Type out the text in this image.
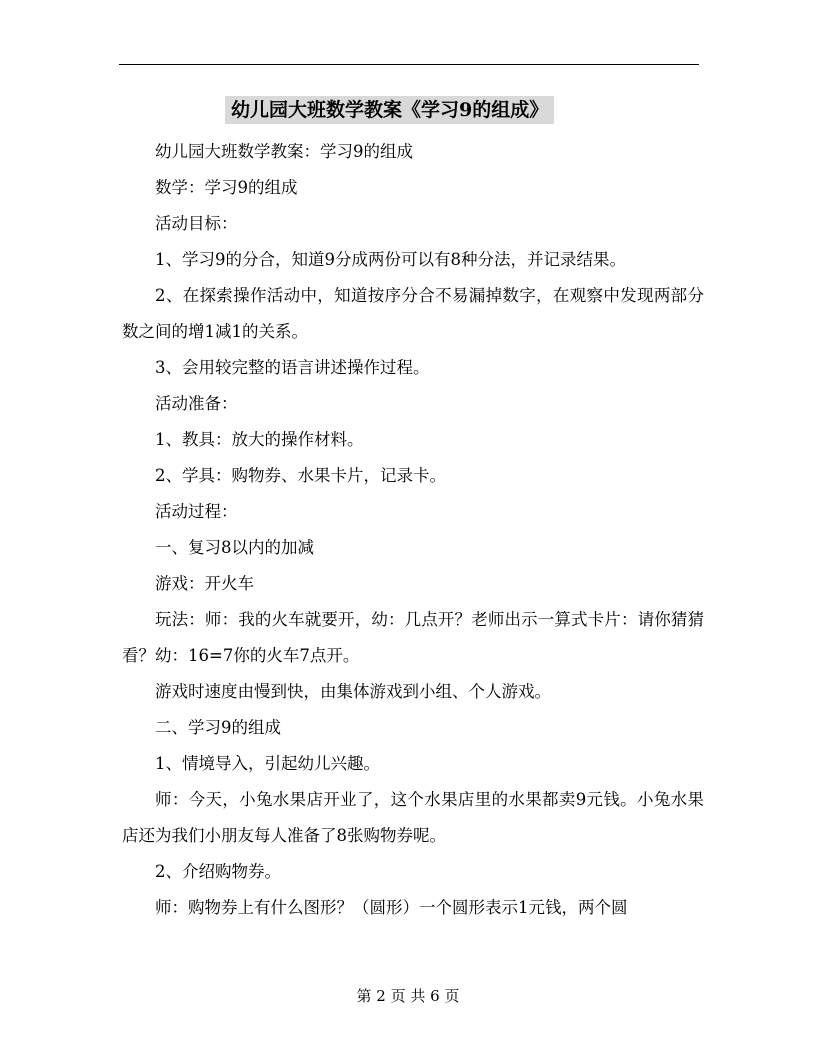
幼儿园大班数学教案《学习9的组成》

幼儿园大班数学教案：学习9的组成

数学：学习9的组成

活动目标：

1、学习9的分合，知道9分成两份可以有8种分法，并记录结果。

2、在探索操作活动中，知道按序分合不易漏掉数字，在观察中发现两部分数之间的增1减1的关系。

3、会用较完整的语言讲述操作过程。

活动准备：

1、教具：放大的操作材料。

2、学具：购物券、水果卡片，记录卡。

活动过程：

一、复习8以内的加减

游戏：开火车

玩法：师：我的火车就要开，幼：几点开？老师出示一算式卡片：请你猜猜看？幼：16=7你的火车7点开。

游戏时速度由慢到快，由集体游戏到小组、个人游戏。

二、学习9的组成

1、情境导入，引起幼儿兴趣。

师：今天，小兔水果店开业了，这个水果店里的水果都卖9元钱。小兔水果店还为我们小朋友每人准备了8张购物券呢。

2、介绍购物券。

师：购物券上有什么图形？（圆形）一个圆形表示1元钱，两个圆

第 2 页 共 6 页
